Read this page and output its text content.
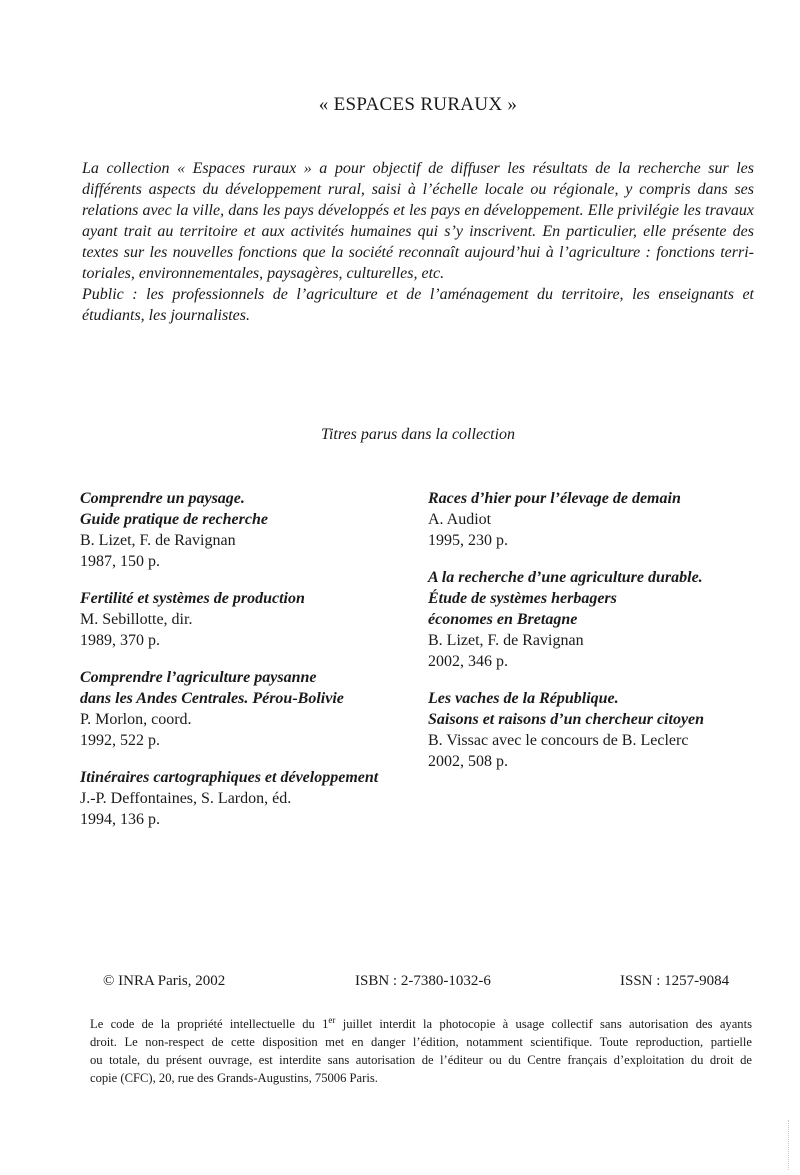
« ESPACES RURAUX »
La collection « Espaces ruraux » a pour objectif de diffuser les résultats de la recherche sur les
différents aspects du développement rural, saisi à l’échelle locale ou régionale, y compris dans ses
relations avec la ville, dans les pays développés et les pays en développement. Elle privilégie les travaux
ayant trait au territoire et aux activités humaines qui s’y inscrivent. En particulier, elle présente des
textes sur les nouvelles fonctions que la société reconnaît aujourd’hui à l’agriculture : fonctions terri-
toriales, environnementales, paysagères, culturelles, etc.
Public : les professionnels de l’agriculture et de l’aménagement du territoire, les enseignants et
étudiants, les journalistes.
Titres parus dans la collection
Comprendre un paysage.
Guide pratique de recherche
B. Lizet, F. de Ravignan
1987, 150 p.
Fertilité et systèmes de production
M. Sebillotte, dir.
1989, 370 p.
Comprendre l’agriculture paysanne
dans les Andes Centrales. Pérou-Bolivie
P. Morlon, coord.
1992, 522 p.
Itinéraires cartographiques et développement
J.-P. Deffontaines, S. Lardon, éd.
1994, 136 p.
Races d’hier pour l’élevage de demain
A. Audiot
1995, 230 p.
A la recherche d’une agriculture durable.
Étude de systèmes herbagers
économes en Bretagne
B. Lizet, F. de Ravignan
2002, 346 p.
Les vaches de la République.
Saisons et raisons d’un chercheur citoyen
B. Vissac avec le concours de B. Leclerc
2002, 508 p.
© INRA Paris, 2002	ISBN : 2-7380-1032-6	ISSN : 1257-9084
Le code de la propriété intellectuelle du 1er juillet interdit la photocopie à usage collectif sans autorisation des ayants
droit. Le non-respect de cette disposition met en danger l’édition, notamment scientifique. Toute reproduction, partielle
ou totale, du présent ouvrage, est interdite sans autorisation de l’éditeur ou du Centre français d’exploitation du droit de
copie (CFC), 20, rue des Grands-Augustins, 75006 Paris.
